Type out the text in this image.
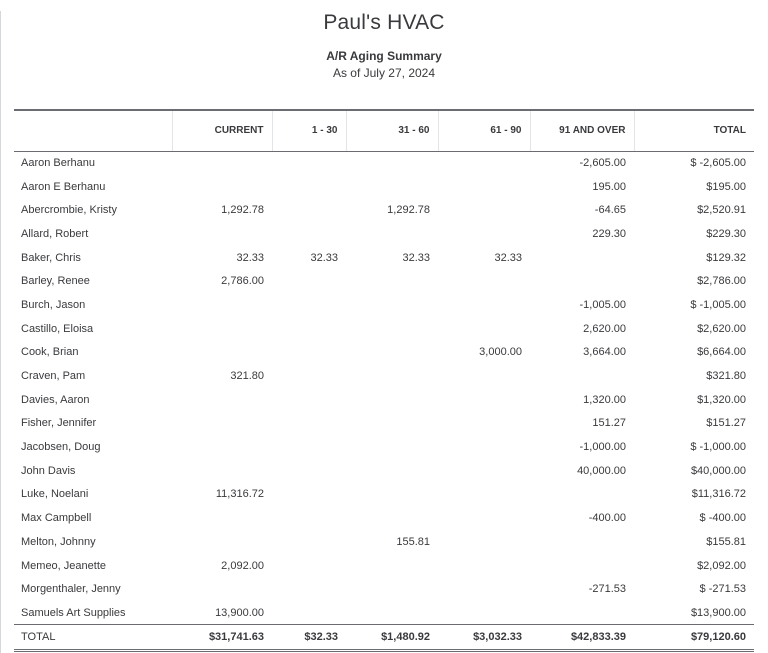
Paul's HVAC
A/R Aging Summary
As of July 27, 2024
	CURRENT	1 - 30	31 - 60	61 - 90	91 AND OVER	TOTAL
Aaron Berhanu					-2,605.00	$ -2,605.00
Aaron E Berhanu					195.00	$195.00
Abercrombie, Kristy	1,292.78		1,292.78		-64.65	$2,520.91
Allard, Robert					229.30	$229.30
Baker, Chris	32.33	32.33	32.33	32.33		$129.32
Barley, Renee	2,786.00					$2,786.00
Burch, Jason					-1,005.00	$ -1,005.00
Castillo, Eloisa					2,620.00	$2,620.00
Cook, Brian				3,000.00	3,664.00	$6,664.00
Craven, Pam	321.80					$321.80
Davies, Aaron					1,320.00	$1,320.00
Fisher, Jennifer					151.27	$151.27
Jacobsen, Doug					-1,000.00	$ -1,000.00
John Davis					40,000.00	$40,000.00
Luke, Noelani	11,316.72					$11,316.72
Max Campbell					-400.00	$ -400.00
Melton, Johnny			155.81			$155.81
Memeo, Jeanette	2,092.00					$2,092.00
Morgenthaler, Jenny					-271.53	$ -271.53
Samuels Art Supplies	13,900.00					$13,900.00
TOTAL	$31,741.63	$32.33	$1,480.92	$3,032.33	$42,833.39	$79,120.60
